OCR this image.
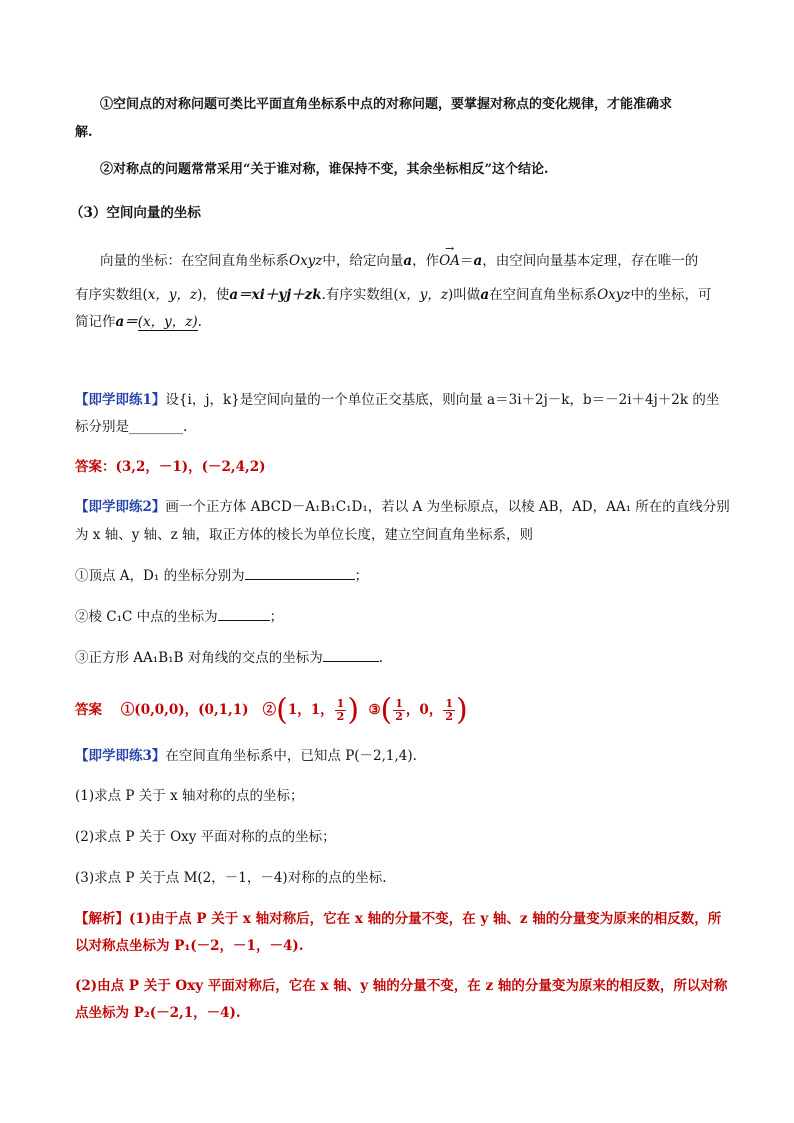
①空间点的对称问题可类比平面直角坐标系中点的对称问题，要掌握对称点的变化规律，才能准确求
解.
②对称点的问题常常采用“关于谁对称，谁保持不变，其余坐标相反”这个结论.
（3）空间向量的坐标
向量的坐标：在空间直角坐标系Oxyz中，给定向量a，作→ OA＝a，由空间向量基本定理，存在唯一的
有序实数组(x，y，z)，使a＝xi＋yj＋zk.有序实数组(x，y，z)叫做a在空间直角坐标系Oxyz中的坐标，可
简记作a＝(x，y，z).
【即学即练1】设{i，j，k}是空间向量的一个单位正交基底，则向量 a＝3i＋2j－k，b＝－2i＋4j＋2k 的坐
标分别是________.
答案：(3,2，－1)，(－2,4,2)
【即学即练2】画一个正方体 ABCD－A₁B₁C₁D₁，若以 A 为坐标原点，以棱 AB，AD，AA₁ 所在的直线分别
为 x 轴、y 轴、z 轴，取正方体的棱长为单位长度，建立空间直角坐标系，则
①顶点 A，D₁ 的坐标分别为	；
②棱 C₁C 中点的坐标为	；
③正方形 AA₁B₁B 对角线的交点的坐标为	.
答案 ①(0,0,0)，(0,1,1) ②(1，1， $\frac{1}{2}$ ) ③( $\frac{1}{2}$ ，0， $\frac{1}{2}$ )
【即学即练3】在空间直角坐标系中，已知点 P(－2,1,4).
(1)求点 P 关于 x 轴对称的点的坐标；
(2)求点 P 关于 Oxy 平面对称的点的坐标；
(3)求点 P 关于点 M(2，－1，－4)对称的点的坐标.
【解析】(1)由于点 P 关于 x 轴对称后，它在 x 轴的分量不变，在 y 轴、z 轴的分量变为原来的相反数，所
以对称点坐标为 P₁(－2，－1，－4).
(2)由点 P 关于 Oxy 平面对称后，它在 x 轴、y 轴的分量不变，在 z 轴的分量变为原来的相反数，所以对称
点坐标为 P₂(－2,1，－4).
